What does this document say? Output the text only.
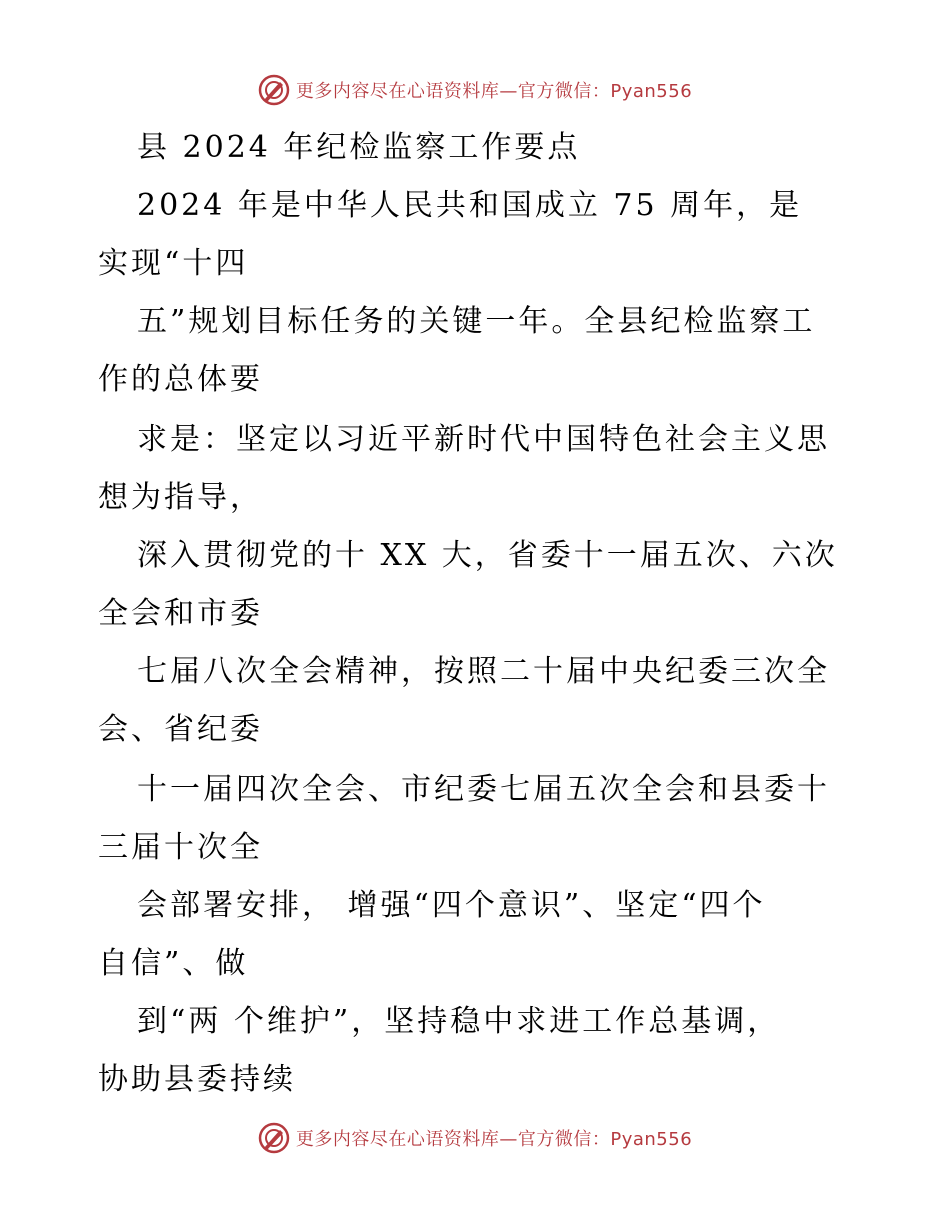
更多内容尽在心语资料库—官方微信：Pyan556
县 2024 年纪检监察工作要点
2024 年是中华人民共和国成立 75 周年，是
实现“十四
五”规划目标任务的关键一年。全县纪检监察工
作的总体要
求是：坚定以习近平新时代中国特色社会主义思
想为指导，
深入贯彻党的十 XX 大，省委十一届五次、六次
全会和市委
七届八次全会精神，按照二十届中央纪委三次全
会、省纪委
十一届四次全会、市纪委七届五次全会和县委十
三届十次全
会部署安排， 增强“四个意识”、坚定“四个
自信”、做
到“两 个维护”，坚持稳中求进工作总基调，
协助县委持续
更多内容尽在心语资料库—官方微信：Pyan556
